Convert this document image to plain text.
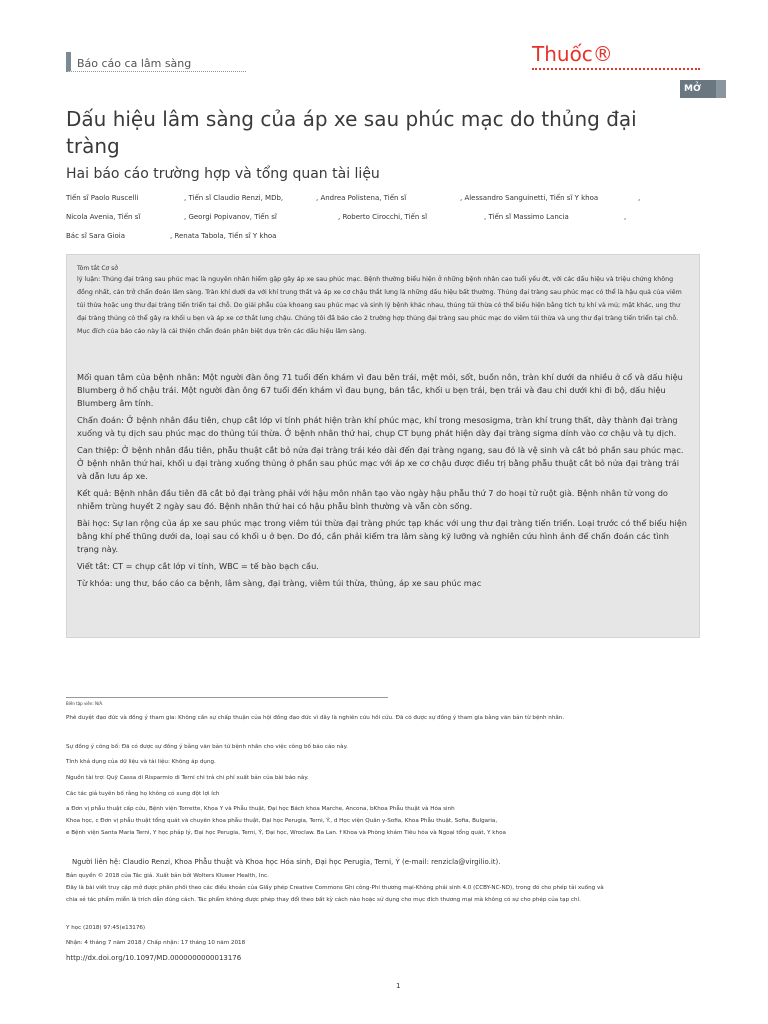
Báo cáo ca lâm sàng	Thuốc®
MỞ
Dấu hiệu lâm sàng của áp xe sau phúc mạc do thủng đại tràng
Hai báo cáo trường hợp và tổng quan tài liệu
Tiến sĩ Paolo Ruscelli	, Tiến sĩ Claudio Renzi, MDb,	, Andrea Polistena, Tiến sĩ	, Alessandro Sanguinetti, Tiến sĩ Y khoa	,
Nicola Avenia, Tiến sĩ	, Georgi Popivanov, Tiến sĩ	, Roberto Cirocchi, Tiến sĩ	, Tiến sĩ Massimo Lancia	,
Bác sĩ Sara Gioia	, Renata Tabola, Tiến sĩ Y khoa
Tóm tắt Cơ sở
lý luận: Thủng đại tràng sau phúc mạc là nguyên nhân hiếm gặp gây áp xe sau phúc mạc. Bệnh thường biểu hiện ở những bệnh nhân cao tuổi yếu ớt, với các dấu hiệu và triệu chứng không đồng nhất, cản trở chẩn đoán lâm sàng. Tràn khí dưới da với khí trung thất và áp xe cơ chậu thắt lưng là những dấu hiệu bất thường. Thủng đại tràng sau phúc mạc có thể là hậu quả của viêm túi thừa hoặc ung thư đại tràng tiến triển tại chỗ. Do giải phẫu của khoang sau phúc mạc và sinh lý bệnh khác nhau, thủng túi thừa có thể biểu hiện bằng tích tụ khí và mủ; mặt khác, ung thư đại tràng thủng có thể gây ra khối u bẹn và áp xe cơ thắt lưng chậu. Chúng tôi đã báo cáo 2 trường hợp thủng đại tràng sau phúc mạc do viêm túi thừa và ung thư đại tràng tiến triển tại chỗ. Mục đích của báo cáo này là cải thiện chẩn đoán phân biệt dựa trên các dấu hiệu lâm sàng.

Mối quan tâm của bệnh nhân: Một người đàn ông 71 tuổi đến khám vì đau bên trái, mệt mỏi, sốt, buồn nôn, tràn khí dưới da nhiều ở cổ và dấu hiệu Blumberg ở hố chậu trái. Một người đàn ông 67 tuổi đến khám vì đau bụng, bán tắc, khối u bẹn trái, bẹn trái và đau chi dưới khi đi bộ, dấu hiệu Blumberg âm tính.

Chẩn đoán: Ở bệnh nhân đầu tiên, chụp cắt lớp vi tính phát hiện tràn khí phúc mạc, khí trong mesosigma, tràn khí trung thất, dày thành đại tràng xuống và tụ dịch sau phúc mạc do thủng túi thừa. Ở bệnh nhân thứ hai, chụp CT bụng phát hiện dày đại tràng sigma dính vào cơ chậu và tụ dịch.

Can thiệp: Ở bệnh nhân đầu tiên, phẫu thuật cắt bỏ nửa đại tràng trái kéo dài đến đại tràng ngang, sau đó là vệ sinh và cắt bỏ phần sau phúc mạc. Ở bệnh nhân thứ hai, khối u đại tràng xuống thủng ở phần sau phúc mạc với áp xe cơ chậu được điều trị bằng phẫu thuật cắt bỏ nửa đại tràng trái và dẫn lưu áp xe.

Kết quả: Bệnh nhân đầu tiên đã cắt bỏ đại tràng phải với hậu môn nhân tạo vào ngày hậu phẫu thứ 7 do hoại tử ruột già. Bệnh nhân tử vong do nhiễm trùng huyết 2 ngày sau đó. Bệnh nhân thứ hai có hậu phẫu bình thường và vẫn còn sống.

Bài học: Sự lan rộng của áp xe sau phúc mạc trong viêm túi thừa đại tràng phức tạp khác với ung thư đại tràng tiến triển. Loại trước có thể biểu hiện bằng khí phế thũng dưới da, loại sau có khối u ở bẹn. Do đó, cần phải kiểm tra lâm sàng kỹ lưỡng và nghiên cứu hình ảnh để chẩn đoán các tình trạng này.

Viết tắt: CT = chụp cắt lớp vi tính, WBC = tế bào bạch cầu.

Từ khóa: ung thư, báo cáo ca bệnh, lâm sàng, đại tràng, viêm túi thừa, thủng, áp xe sau phúc mạc

Biên tập viên: N/A.
Phê duyệt đạo đức và đồng ý tham gia: Không cần sự chấp thuận của hội đồng đạo đức vì đây là nghiên cứu hồi cứu. Đã có được sự đồng ý tham gia bằng văn bản từ bệnh nhân.
Sự đồng ý công bố: Đã có được sự đồng ý bằng văn bản từ bệnh nhân cho việc công bố báo cáo này.
Tính khả dụng của dữ liệu và tài liệu: Không áp dụng.
Nguồn tài trợ: Quỹ Cassa di Risparmio di Terni chi trả chi phí xuất bản của bài báo này.
Các tác giả tuyên bố rằng họ không có xung đột lợi ích
a Đơn vị phẫu thuật cấp cứu, Bệnh viện Torrette, Khoa Y và Phẫu thuật, Đại học Bách khoa Marche, Ancona, bKhoa Phẫu thuật và Hóa sinh
Khoa học, c Đơn vị phẫu thuật tổng quát và chuyên khoa phẫu thuật, Đại học Perugia, Terni, Ý., d Học viện Quân y-Sofia, Khoa Phẫu thuật, Sofia, Bulgaria,
e Bệnh viện Santa Maria Terni, Y học pháp lý, Đại học Perugia, Terni, Ý, Đại học, Wroclaw. Ba Lan. f Khoa và Phòng khám Tiêu hóa và Ngoại tổng quát, Y khoa
Bản quyền © 2018 của Tác giả. Xuất bản bởi Wolters Kluwer Health, Inc.
Đây là bài viết truy cập mở được phân phối theo các điều khoản của Giấy phép Creative Commons Ghi công-Phi thương mại-Không phái sinh 4.0 (CCBY-NC-ND), trong đó cho phép tải xuống và
chia sẻ tác phẩm miễn là trích dẫn đúng cách. Tác phẩm không được phép thay đổi theo bất kỳ cách nào hoặc sử dụng cho mục đích thương mại mà không có sự cho phép của tạp chí.
Y học (2018) 97:45(e13176)
Nhận: 4 tháng 7 năm 2018 / Chấp nhận: 17 tháng 10 năm 2018
Người liên hệ: Claudio Renzi, Khoa Phẫu thuật và Khoa học Hóa sinh, Đại học Perugia, Terni, Ý (e-mail: renzicla@virgilio.it).
http://dx.doi.org/10.1097/MD.0000000000013176
1
